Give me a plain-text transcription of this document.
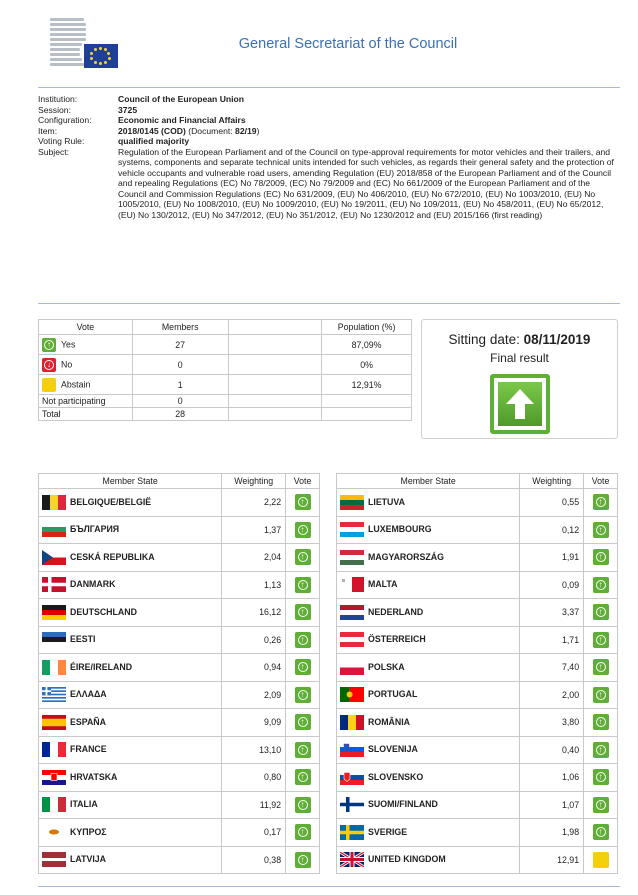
General Secretariat of the Council
Institution:	Council of the European Union
Session:	3725
Configuration:	Economic and Financial Affairs
Item:	2018/0145 (COD) (Document: 82/19)
Voting Rule:	qualified majority
Subject:	Regulation of the European Parliament and of the Council on type-approval requirements for motor vehicles and their trailers, and systems, components and separate technical units intended for such vehicles, as regards their general safety and the protection of vehicle occupants and vulnerable road users, amending Regulation (EU) 2018/858 of the European Parliament and of the Council and repealing Regulations (EC) No 78/2009, (EC) No 79/2009 and (EC) No 661/2009 of the European Parliament and of the Council and Commission Regulations (EC) No 631/2009, (EU) No 406/2010, (EU) No 672/2010, (EU) No 1003/2010, (EU) No 1005/2010, (EU) No 1008/2010, (EU) No 1009/2010, (EU) No 19/2011, (EU) No 109/2011, (EU) No 458/2011, (EU) No 65/2012, (EU) No 130/2012, (EU) No 347/2012, (EU) No 351/2012, (EU) No 1230/2012 and (EU) 2015/166 (first reading)
Vote	Members		Population (%)

↑ Yes	27		87,09%

↓ No	0		0%
Abstain	1		12,91%
Not participating	0		
Total	28		
Sitting date: 08/11/2019
Final result
Member State	Weighting	Vote
BELGIQUE/BELGIË	2,22	↑

БЪЛГАРИЯ	1,37	↑

CESKÁ REPUBLIKA	2,04	↑

DANMARK	1,13	↑

DEUTSCHLAND	16,12	↑

EESTI	0,26	↑

ÉIRE/IRELAND	0,94	↑

ΕΛΛΑΔΑ	2,09	↑

ESPAÑA	9,09	↑

FRANCE	13,10	↑

HRVATSKA	0,80	↑

ITALIA	11,92	↑

ΚΥΠΡΟΣ	0,17	↑

LATVIJA	0,38	↑
Member State	Weighting	Vote
LIETUVA	0,55	↑

LUXEMBOURG	0,12	↑

MAGYARORSZÁG	1,91	↑

MALTA	0,09	↑

NEDERLAND	3,37	↑

ÖSTERREICH	1,71	↑

POLSKA	7,40	↑

PORTUGAL	2,00	↑

ROMÂNIA	3,80	↑

SLOVENIJA	0,40	↑

SLOVENSKO	1,06	↑

SUOMI/FINLAND	1,07	↑

SVERIGE	1,98	↑

UNITED KINGDOM	12,91	
